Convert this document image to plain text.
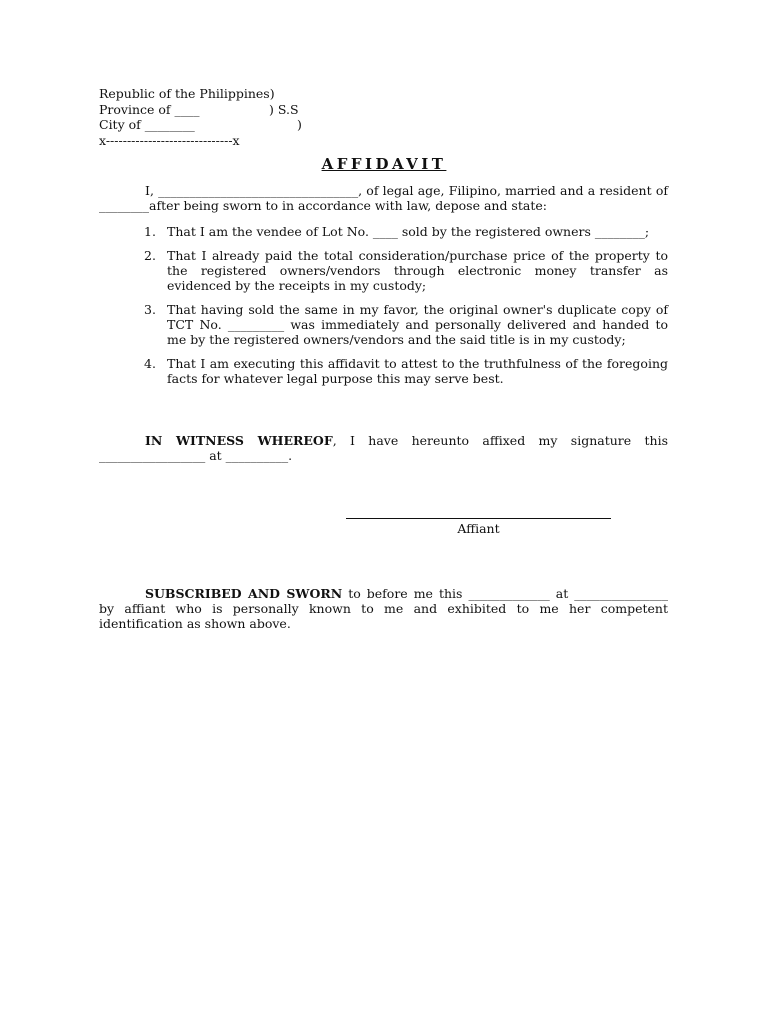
Republic of the Philippines)
Province of ____	) S.S
City of ________	)
x------------------------------x
AFFIDAVIT

I, ________________________________, of legal age, Filipino, married and a resident of ________after being sworn to in accordance with law, depose and state:

1. That I am the vendee of Lot No. ____ sold by the registered owners ________;
2. That I already paid the total consideration/purchase price of the property to the registered owners/vendors through electronic money transfer as evidenced by the receipts in my custody;
3. That having sold the same in my favor, the original owner's duplicate copy of TCT No. _________ was immediately and personally delivered and handed to me by the registered owners/vendors and the said title is in my custody;
4. That I am executing this affidavit to attest to the truthfulness of the foregoing facts for whatever legal purpose this may serve best.

IN WITNESS WHEREOF, I have hereunto affixed my signature this _________________ at __________.

Affiant

SUBSCRIBED AND SWORN to before me this _____________ at _______________ by affiant who is personally known to me and exhibited to me her competent identification as shown above.
